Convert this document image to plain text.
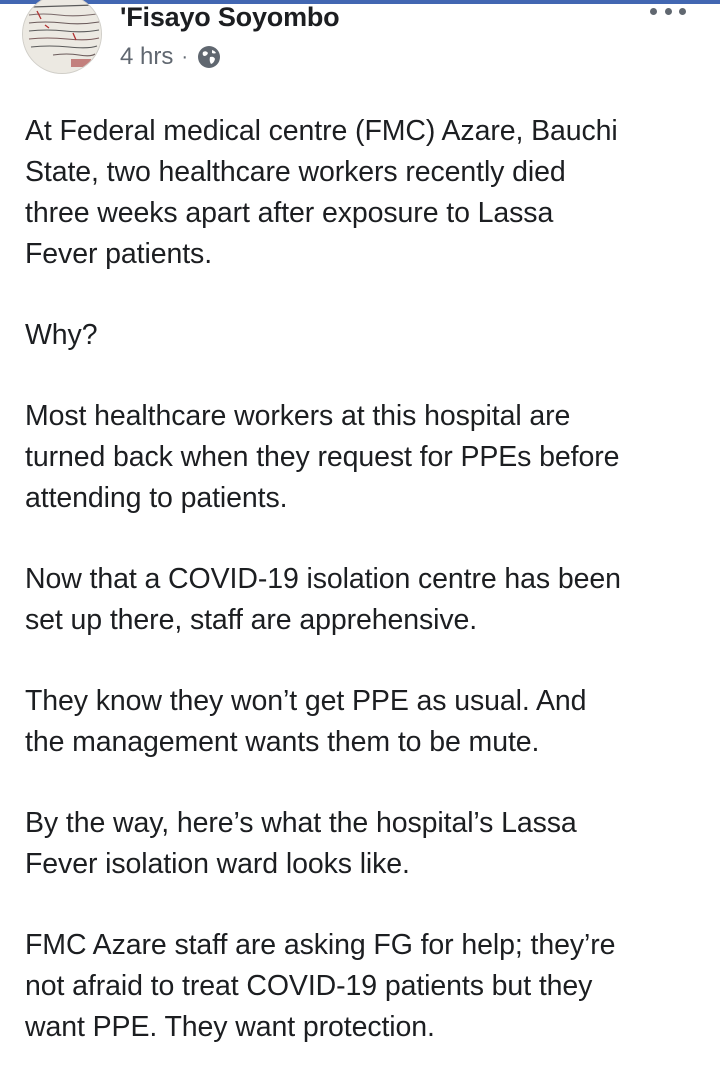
'Fisayo Soyombo
4 hrs ·

At Federal medical centre (FMC) Azare, Bauchi
State, two healthcare workers recently died
three weeks apart after exposure to Lassa
Fever patients.

Why?

Most healthcare workers at this hospital are
turned back when they request for PPEs before
attending to patients.

Now that a COVID-19 isolation centre has been
set up there, staff are apprehensive.

They know they won’t get PPE as usual. And
the management wants them to be mute.

By the way, here’s what the hospital’s Lassa
Fever isolation ward looks like.

FMC Azare staff are asking FG for help; they’re
not afraid to treat COVID-19 patients but they
want PPE. They want protection.
